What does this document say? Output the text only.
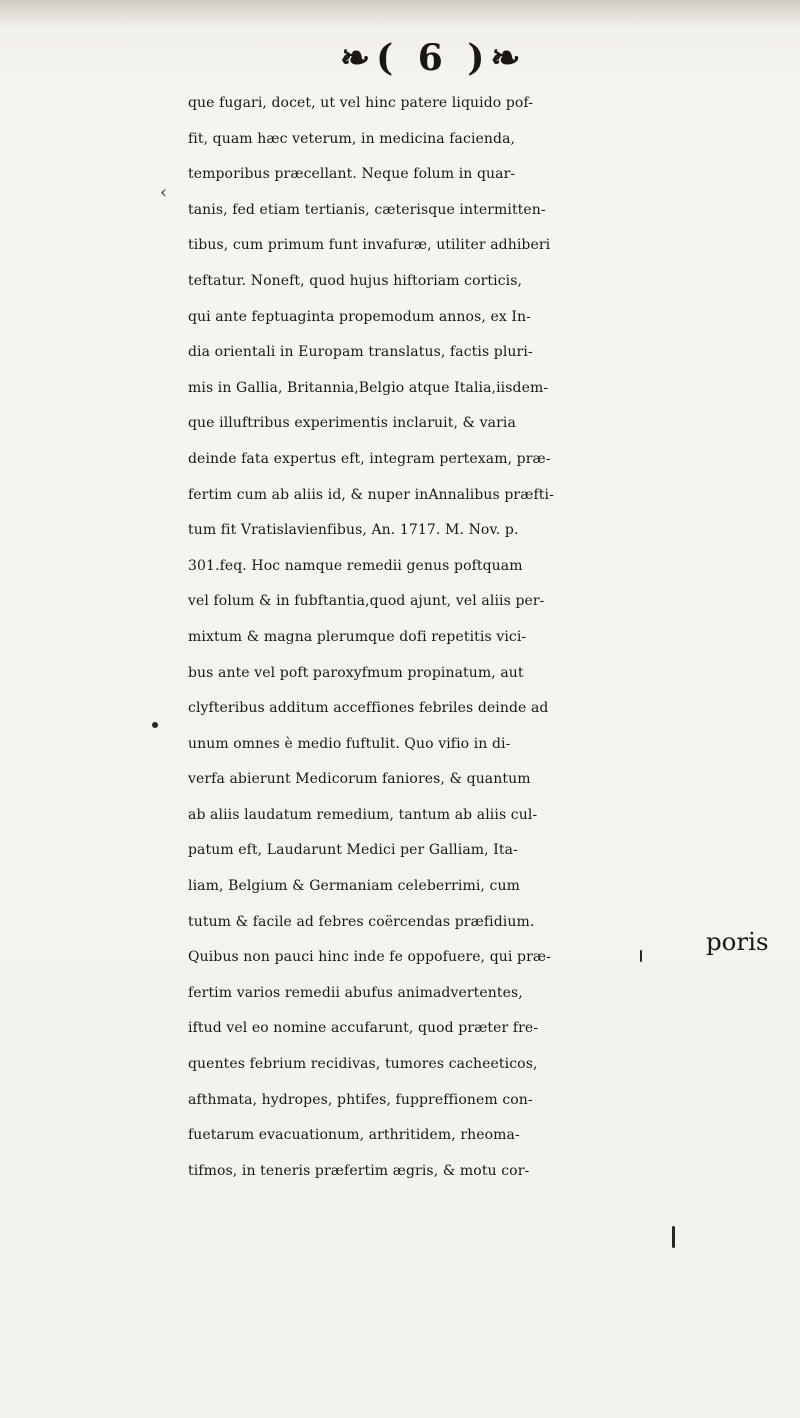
❧( 6 )❧
que fugari, docet, ut vel hinc patere liquido pof-
fit, quam hæc veterum, in medicina facienda,
temporibus præcellant. Neque folum in quar-
tanis, fed etiam tertianis, cæterisque intermitten-
tibus, cum primum funt invafuræ, utiliter adhiberi
teftatur. Noneft, quod hujus hiftoriam corticis,
qui ante feptuaginta propemodum annos, ex In-
dia orientali in Europam translatus, factis pluri-
mis in Gallia, Britannia,Belgio atque Italia,iisdem-
que illuftribus experimentis inclaruit, & varia
deinde fata expertus eft, integram pertexam, præ-
fertim cum ab aliis id, & nuper inAnnalibus præfti-
tum fit Vratislavienfibus, An. 1717. M. Nov. p.
301.feq. Hoc namque remedii genus poftquam
vel folum & in fubftantia,quod ajunt, vel aliis per-
mixtum & magna plerumque dofi repetitis vici-
bus ante vel poft paroxyfmum propinatum, aut
clyfteribus additum acceffiones febriles deinde ad
unum omnes è medio fuftulit. Quo vifio in di-
verfa abierunt Medicorum faniores, & quantum
ab aliis laudatum remedium, tantum ab aliis cul-
patum eft, Laudarunt Medici per Galliam, Ita-
liam, Belgium & Germaniam celeberrimi, cum
tutum & facile ad febres coërcendas præfidium.
Quibus non pauci hinc inde fe oppofuere, qui præ-
fertim varios remedii abufus animadvertentes,
iftud vel eo nomine accufarunt, quod præter fre-
quentes febrium recidivas, tumores cacheeticos,
afthmata, hydropes, phtifes, fuppreffionem con-
fuetarum evacuationum, arthritidem, rheoma-
tifmos, in teneris præfertim ægris, & motu cor-
poris
‹
